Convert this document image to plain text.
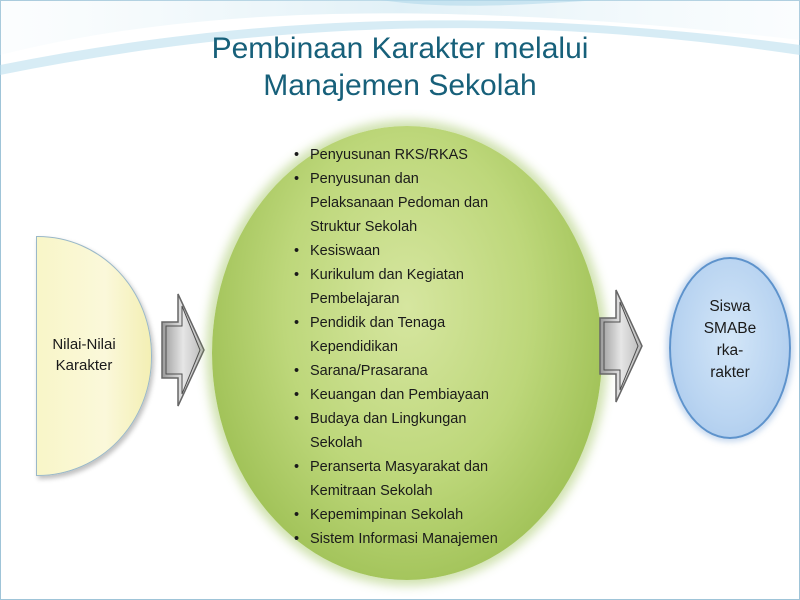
Pembinaan Karakter melalui
Manajemen Sekolah
Nilai-Nilai
Karakter
• Penyusunan RKS/RKAS
• Penyusunan dan
Pelaksanaan Pedoman dan
Struktur Sekolah
• Kesiswaan
• Kurikulum dan Kegiatan
Pembelajaran
• Pendidik dan Tenaga
Kependidikan
• Sarana/Prasarana
• Keuangan dan Pembiayaan
• Budaya dan Lingkungan
Sekolah
• Peranserta Masyarakat dan
Kemitraan Sekolah
• Kepemimpinan Sekolah
• Sistem Informasi Manajemen
Siswa
SMABe
rka-
rakter
